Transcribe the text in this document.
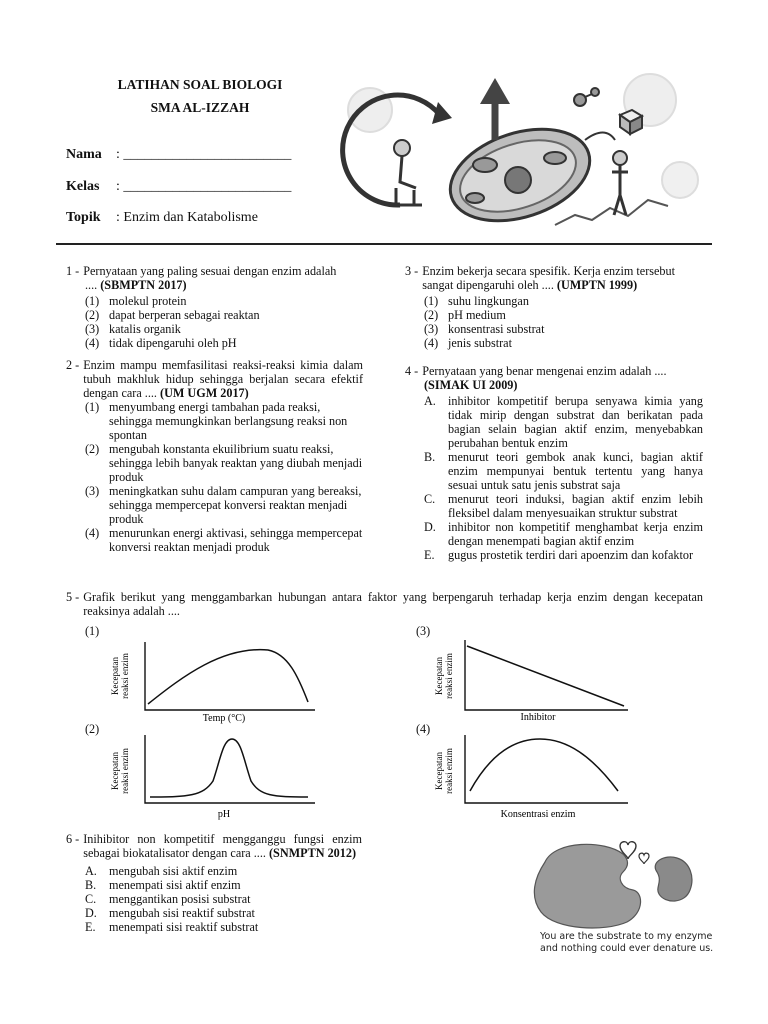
LATIHAN SOAL BIOLOGI
SMA AL-IZZAH
Nama : ________________________
Kelas : ________________________
Topik : Enzim dan Katabolisme
1 - Pernyataan yang paling sesuai dengan enzim adalah
.... (SBMPTN 2017)
(1) molekul protein
(2) dapat berperan sebagai reaktan
(3) katalis organik
(4) tidak dipengaruhi oleh pH
2 - Enzim mampu memfasilitasi reaksi-reaksi kimia dalam tubuh makhluk hidup sehingga berjalan secara efektif dengan cara .... (UM UGM 2017)
(1) menyumbang energi tambahan pada reaksi, sehingga memungkinkan berlangsung reaksi non spontan
(2) mengubah konstanta ekuilibrium suatu reaksi, sehingga lebih banyak reaktan yang diubah menjadi produk
(3) meningkatkan suhu dalam campuran yang bereaksi, sehingga mempercepat konversi reaktan menjadi produk
(4) menurunkan energi aktivasi, sehingga mempercepat konversi reaktan menjadi produk
3 - Enzim bekerja secara spesifik. Kerja enzim tersebut sangat dipengaruhi oleh .... (UMPTN 1999)
(1) suhu lingkungan
(2) pH medium
(3) konsentrasi substrat
(4) jenis substrat
4 - Pernyataan yang benar mengenai enzim adalah ....
(SIMAK UI 2009)
A. inhibitor kompetitif berupa senyawa kimia yang tidak mirip dengan substrat dan berikatan pada bagian selain bagian aktif enzim, menyebabkan perubahan bentuk enzim
B.	menurut teori gembok anak kunci, bagian aktif enzim mempunyai bentuk tertentu yang hanya sesuai untuk satu jenis substrat saja
C.	menurut teori induksi, bagian aktif enzim lebih fleksibel dalam menyesuaikan struktur substrat
D. inhibitor non kompetitif menghambat kerja enzim dengan menempati bagian aktif enzim
E.	gugus prostetik terdiri dari apoenzim dan kofaktor
5 - Grafik berikut yang menggambarkan hubungan antara faktor yang berpengaruh terhadap kerja enzim dengan kecepatan reaksinya adalah ....
(1)
(2)
(3)
(4)
Kecepatanreaksi enzim
Temp (°C)
Kecepatanreaksi enzim
pH
Kecepatanreaksi enzim
Inhibitor
Kecepatanreaksi enzim
Konsentrasi enzim
6 - Inihibitor non kompetitif mengganggu fungsi enzim sebagai biokatalisator dengan cara .... (SNMPTN 2012)
A. mengubah sisi aktif enzim
B.	menempati sisi aktif enzim
C.	menggantikan posisi substrat
D. mengubah sisi reaktif substrat
E.	menempati sisi reaktif substrat
You are the substrate to my enzyme
and nothing could ever denature us.
